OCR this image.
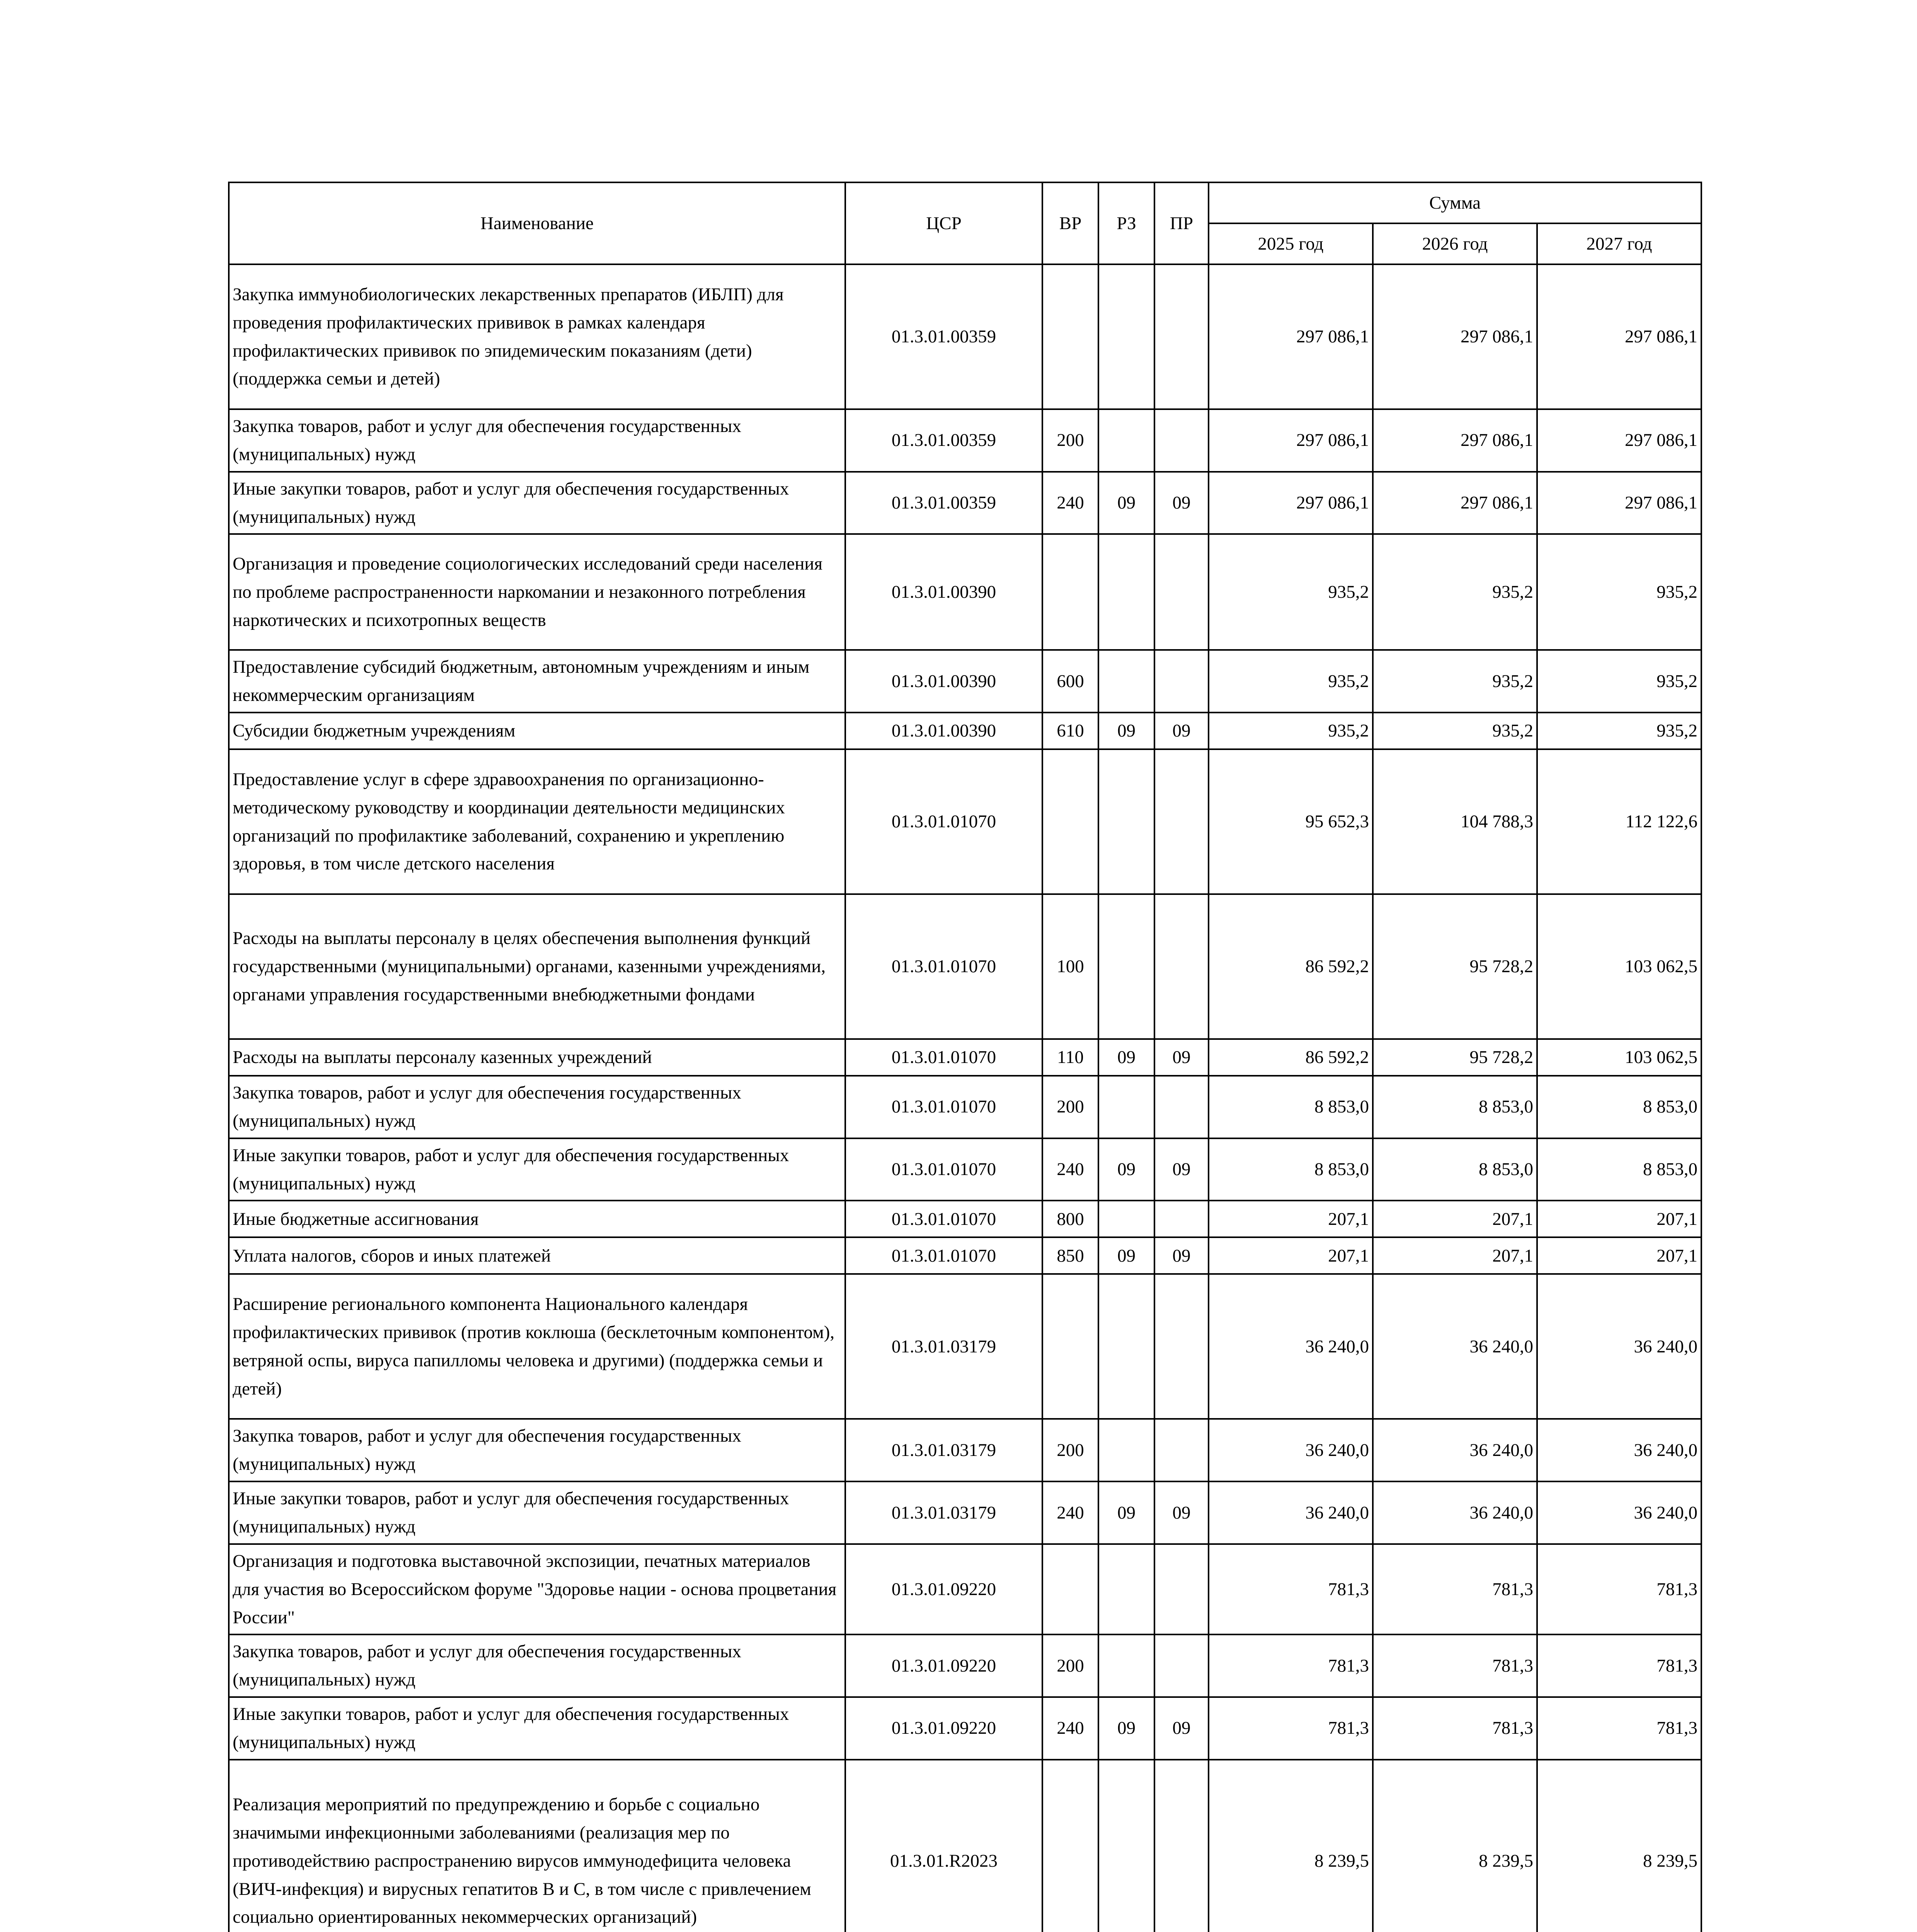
Наименование	ЦСР	ВР	РЗ	ПР	Сумма		
					2025 год	2026 год	2027 год
Закупка иммунобиологических лекарственных препаратов (ИБЛП) для проведения профилактических прививок в рамках календаря профилактических прививок по эпидемическим показаниям (дети) (поддержка семьи и детей)	01.3.01.00359				297 086,1	297 086,1	297 086,1
Закупка товаров, работ и услуг для обеспечения государственных (муниципальных) нужд	01.3.01.00359	200			297 086,1	297 086,1	297 086,1
Иные закупки товаров, работ и услуг для обеспечения государственных (муниципальных) нужд	01.3.01.00359	240	09	09	297 086,1	297 086,1	297 086,1
Организация и проведение социологических исследований среди населения по проблеме распространенности наркомании и незаконного потребления наркотических и психотропных веществ	01.3.01.00390				935,2	935,2	935,2
Предоставление субсидий бюджетным, автономным учреждениям и иным некоммерческим организациям	01.3.01.00390	600			935,2	935,2	935,2
Субсидии бюджетным учреждениям	01.3.01.00390	610	09	09	935,2	935,2	935,2
Предоставление услуг в сфере здравоохранения по организационно-методическому руководству и координации деятельности медицинских организаций по профилактике заболеваний, сохранению и укреплению здоровья, в том числе детского населения	01.3.01.01070				95 652,3	104 788,3	112 122,6
Расходы на выплаты персоналу в целях обеспечения выполнения функций государственными (муниципальными) органами, казенными учреждениями, органами управления государственными внебюджетными фондами	01.3.01.01070	100			86 592,2	95 728,2	103 062,5
Расходы на выплаты персоналу казенных учреждений	01.3.01.01070	110	09	09	86 592,2	95 728,2	103 062,5
Закупка товаров, работ и услуг для обеспечения государственных (муниципальных) нужд	01.3.01.01070	200			8 853,0	8 853,0	8 853,0
Иные закупки товаров, работ и услуг для обеспечения государственных (муниципальных) нужд	01.3.01.01070	240	09	09	8 853,0	8 853,0	8 853,0
Иные бюджетные ассигнования	01.3.01.01070	800			207,1	207,1	207,1
Уплата налогов, сборов и иных платежей	01.3.01.01070	850	09	09	207,1	207,1	207,1
Расширение регионального компонента Национального календаря профилактических прививок (против коклюша (бесклеточным компонентом), ветряной оспы, вируса папилломы человека и другими) (поддержка семьи и детей)	01.3.01.03179				36 240,0	36 240,0	36 240,0
Закупка товаров, работ и услуг для обеспечения государственных (муниципальных) нужд	01.3.01.03179	200			36 240,0	36 240,0	36 240,0
Иные закупки товаров, работ и услуг для обеспечения государственных (муниципальных) нужд	01.3.01.03179	240	09	09	36 240,0	36 240,0	36 240,0
Организация и подготовка выставочной экспозиции, печатных материалов для участия во Всероссийском форуме "Здоровье нации - основа процветания России"	01.3.01.09220				781,3	781,3	781,3
Закупка товаров, работ и услуг для обеспечения государственных (муниципальных) нужд	01.3.01.09220	200			781,3	781,3	781,3
Иные закупки товаров, работ и услуг для обеспечения государственных (муниципальных) нужд	01.3.01.09220	240	09	09	781,3	781,3	781,3
Реализация мероприятий по предупреждению и борьбе с социально значимыми инфекционными заболеваниями (реализация мер по противодействию распространению вирусов иммунодефицита человека (ВИЧ-инфекция) и вирусных гепатитов В и С, в том числе с привлечением социально ориентированных некоммерческих организаций)	01.3.01.R2023				8 239,5	8 239,5	8 239,5
